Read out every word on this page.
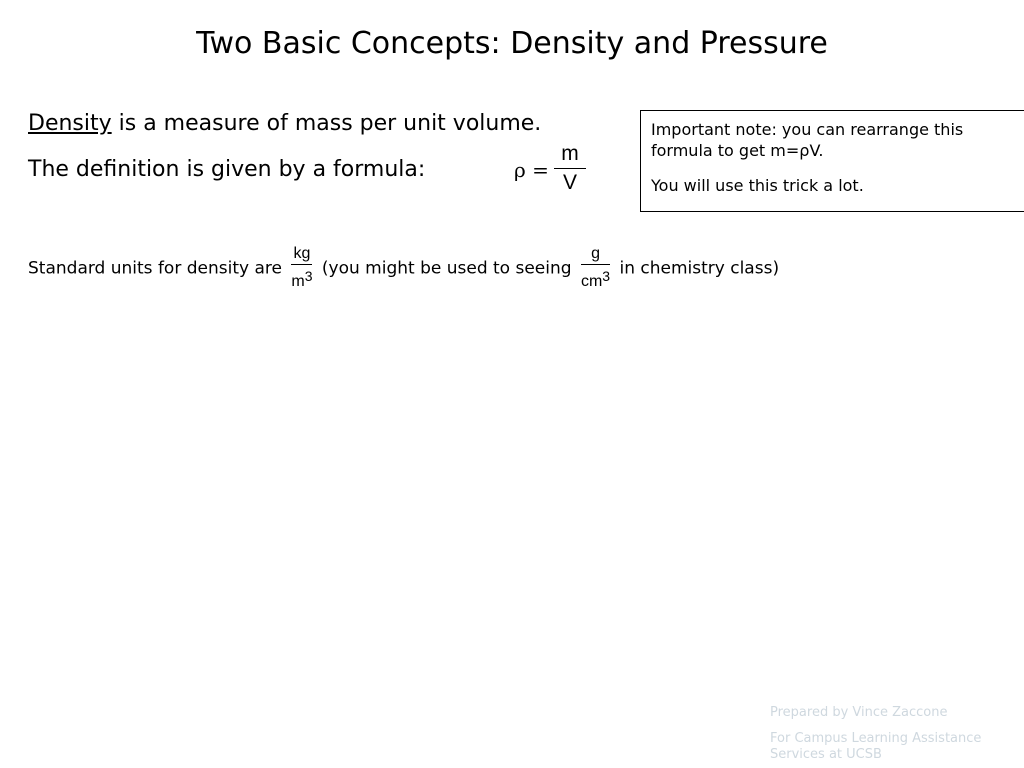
Two Basic Concepts: Density and Pressure
Density is a measure of mass per unit volume.
The definition is given by a formula:	ρ =
m
V

Important note: you can rearrange this formula to get m=ρV.

You will use this trick a lot.

Standard units for density are $\frac{kg}{m3} (you$ might be used to seeing $\frac{g}{cm3}$ in chemistry class)
Prepared by Vince Zaccone
For Campus Learning Assistance Services at UCSB
